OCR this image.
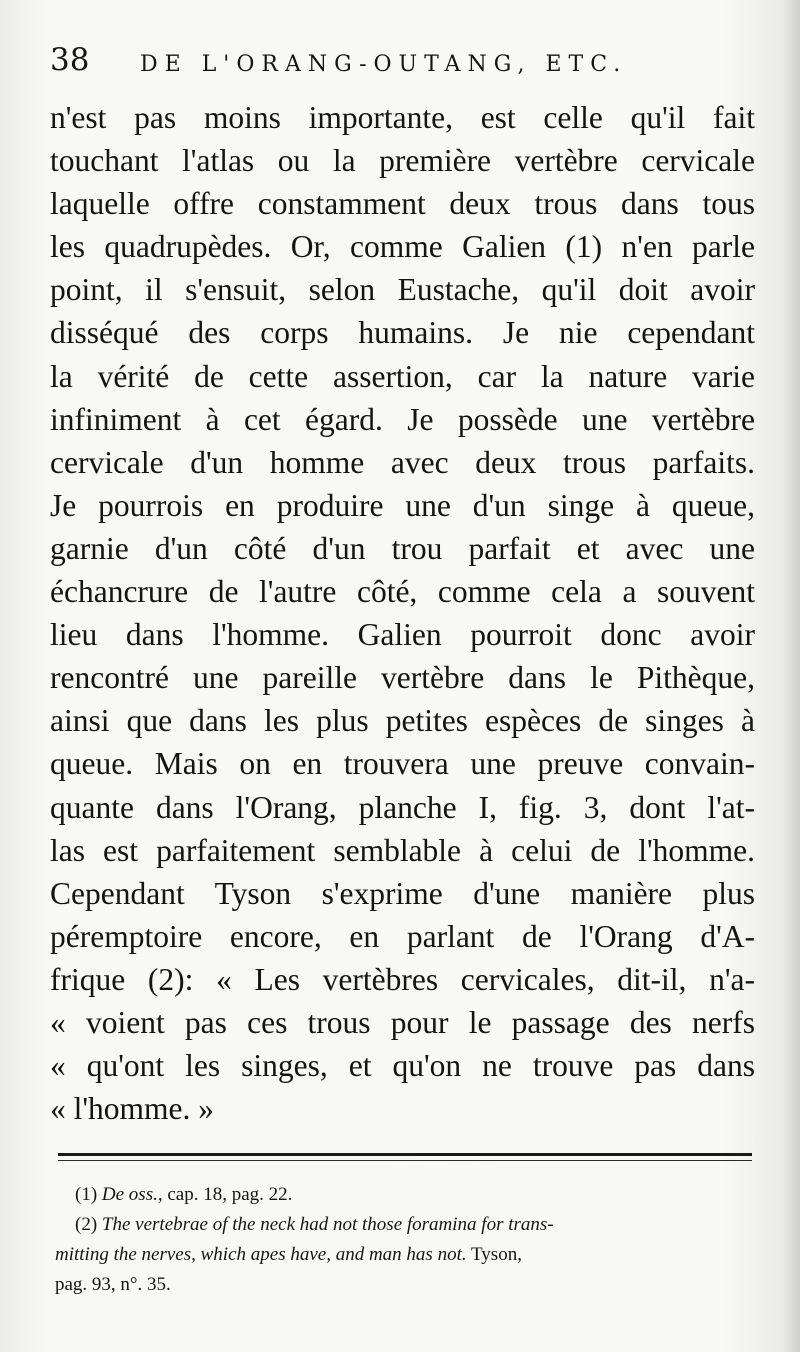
38 DE L'ORANG-OUTANG, ETC.
n'est pas moins importante, est celle qu'il fait
touchant l'atlas ou la première vertèbre cervicale
laquelle offre constamment deux trous dans tous
les quadrupèdes. Or, comme Galien (1) n'en parle
point, il s'ensuit, selon Eustache, qu'il doit avoir
disséqué des corps humains. Je nie cependant
la vérité de cette assertion, car la nature varie
infiniment à cet égard. Je possède une vertèbre
cervicale d'un homme avec deux trous parfaits.
Je pourrois en produire une d'un singe à queue,
garnie d'un côté d'un trou parfait et avec une
échancrure de l'autre côté, comme cela a souvent
lieu dans l'homme. Galien pourroit donc avoir
rencontré une pareille vertèbre dans le Pithèque,
ainsi que dans les plus petites espèces de singes à
queue. Mais on en trouvera une preuve convain-
quante dans l'Orang, planche I, fig. 3, dont l'at-
las est parfaitement semblable à celui de l'homme.
Cependant Tyson s'exprime d'une manière plus
péremptoire encore, en parlant de l'Orang d'A-
frique (2): « Les vertèbres cervicales, dit-il, n'a-
« voient pas ces trous pour le passage des nerfs
« qu'ont les singes, et qu'on ne trouve pas dans
« l'homme. »
(1) De oss., cap. 18, pag. 22.
(2) The vertebrae of the neck had not those foramina for trans-
mitting the nerves, which apes have, and man has not. Tyson,
pag. 93, n°. 35.
